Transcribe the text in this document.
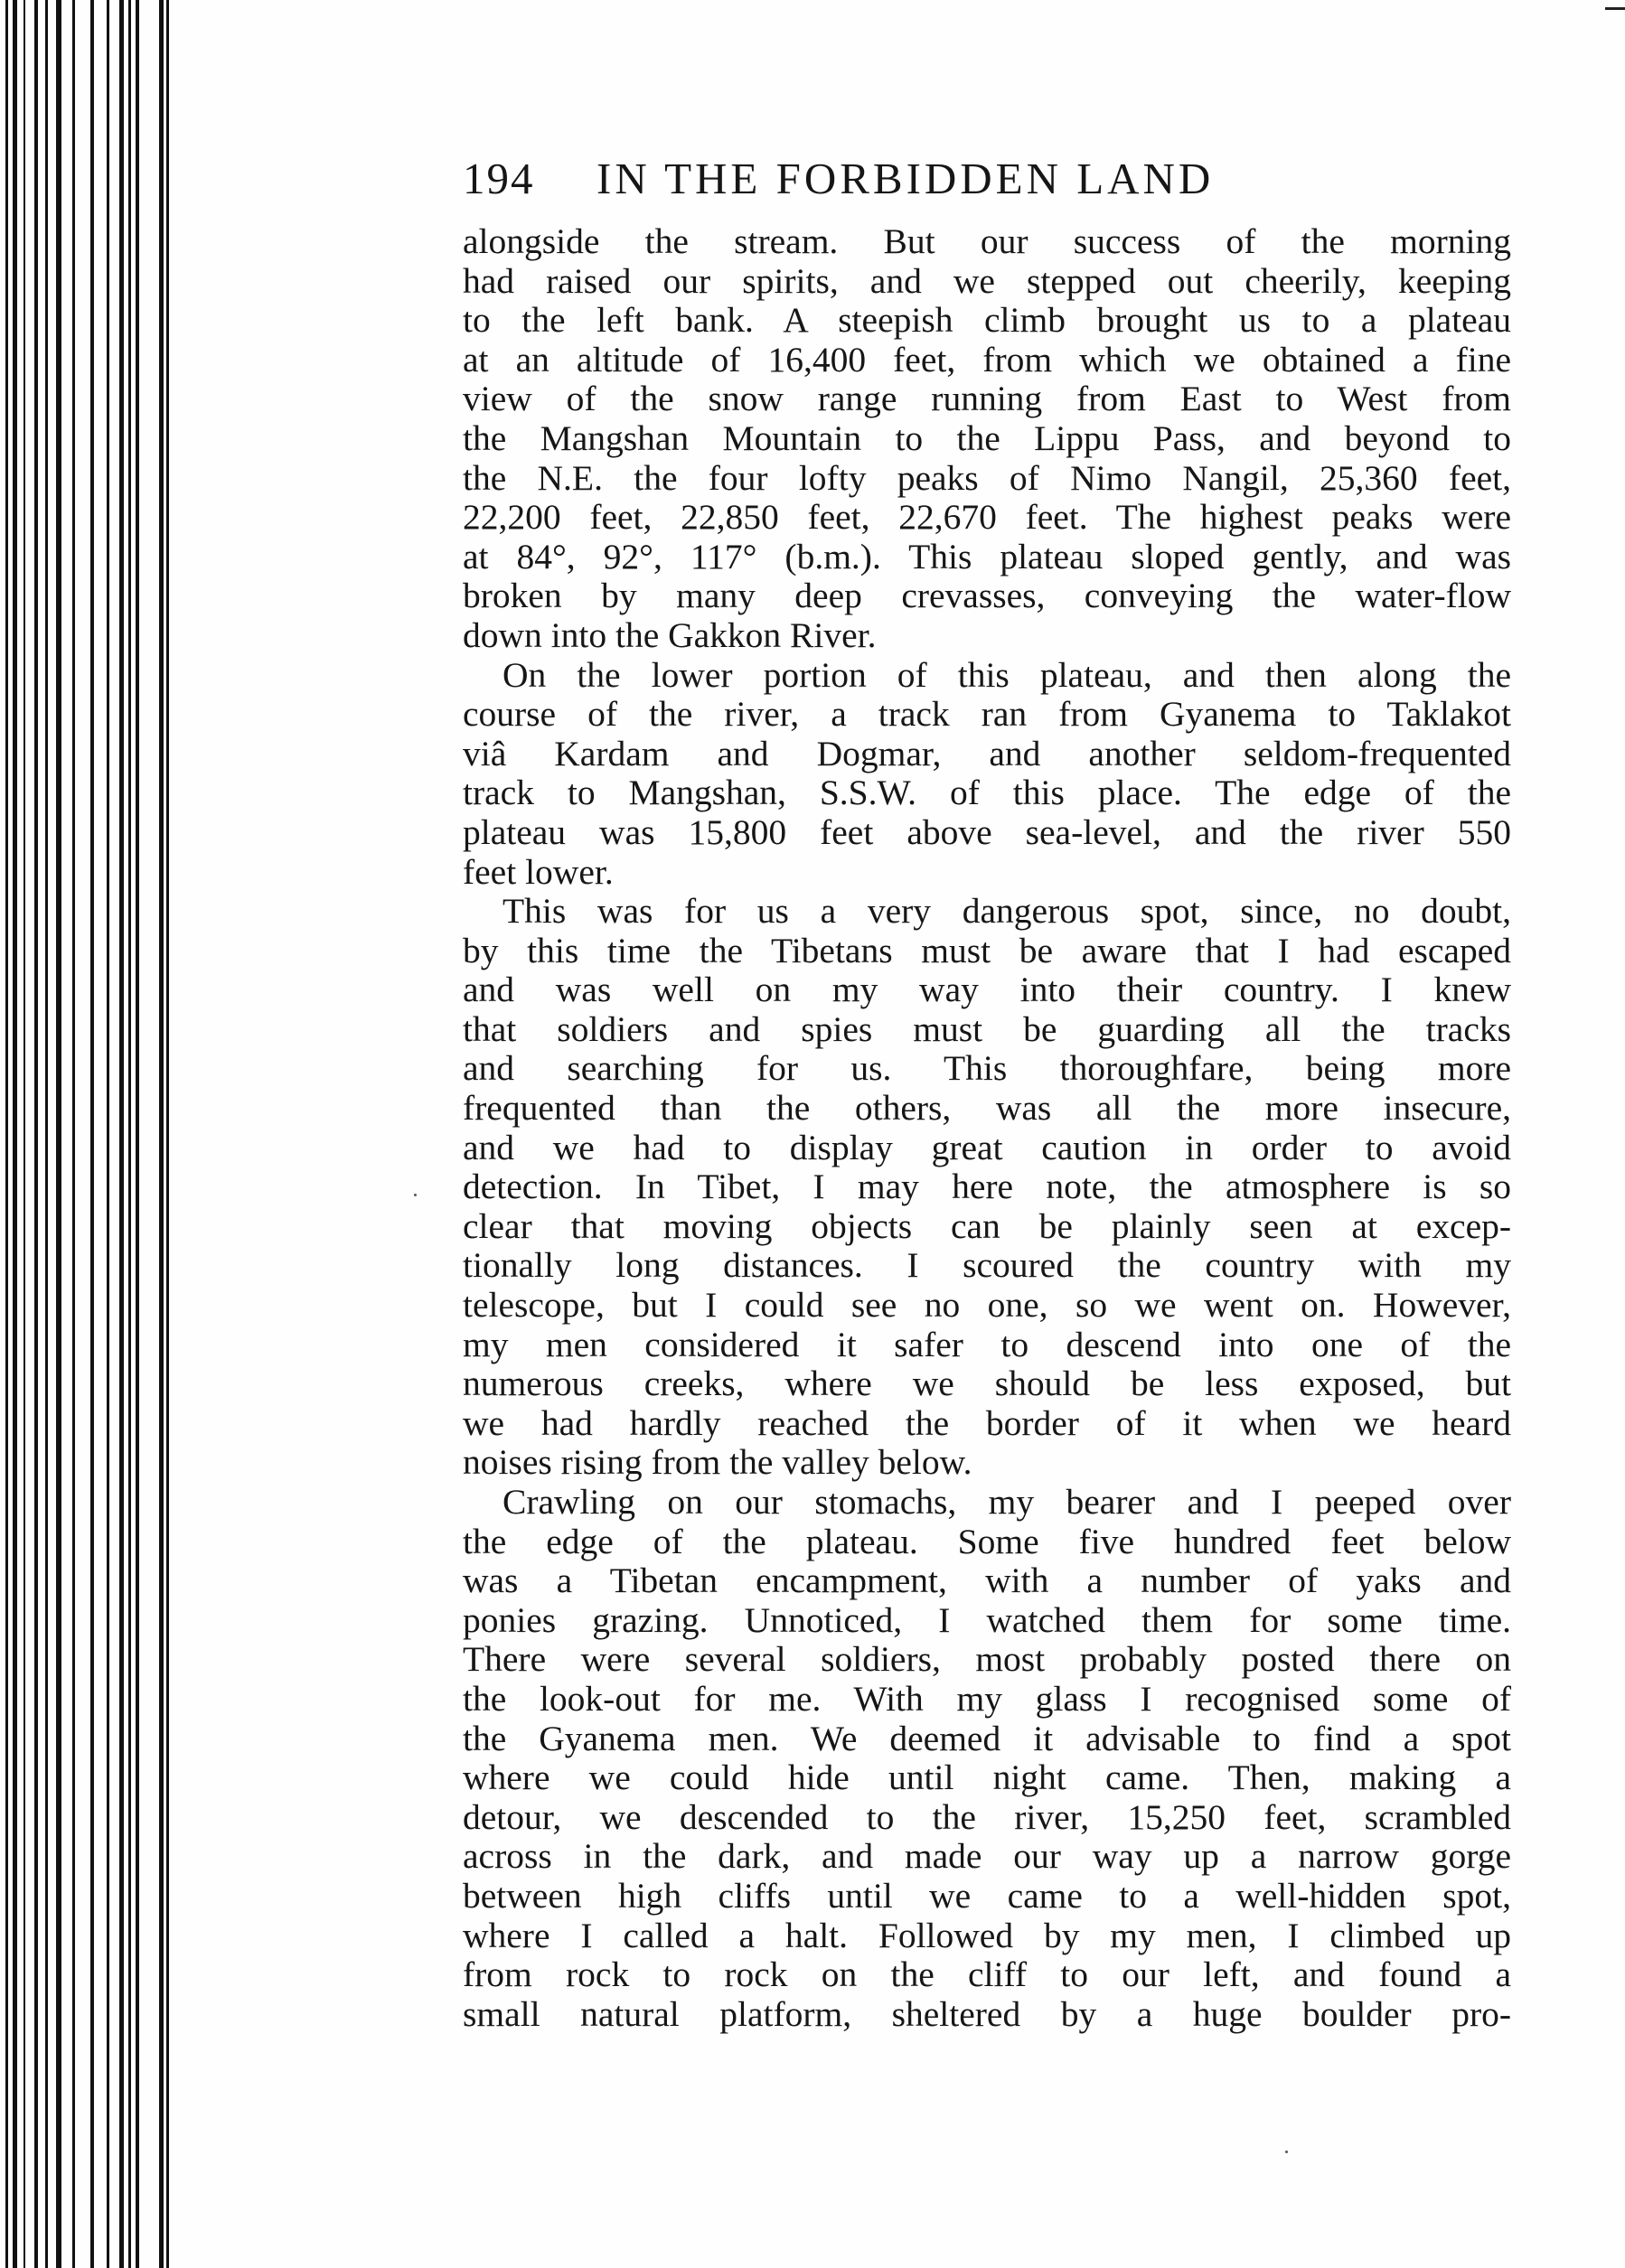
194 IN THE FORBIDDEN LAND
alongside the stream. But our success of the morning
had raised our spirits, and we stepped out cheerily, keeping
to the left bank. A steepish climb brought us to a plateau
at an altitude of 16,400 feet, from which we obtained a fine
view of the snow range running from East to West from
the Mangshan Mountain to the Lippu Pass, and beyond to
the N.E. the four lofty peaks of Nimo Nangil, 25,360 feet,
22,200 feet, 22,850 feet, 22,670 feet. The highest peaks were
at 84°, 92°, 117° (b.m.). This plateau sloped gently, and was
broken by many deep crevasses, conveying the water-flow
down into the Gakkon River.
On the lower portion of this plateau, and then along the
course of the river, a track ran from Gyanema to Taklakot
viâ Kardam and Dogmar, and another seldom-frequented
track to Mangshan, S.S.W. of this place. The edge of the
plateau was 15,800 feet above sea-level, and the river 550
feet lower.
This was for us a very dangerous spot, since, no doubt,
by this time the Tibetans must be aware that I had escaped
and was well on my way into their country. I knew
that soldiers and spies must be guarding all the tracks
and searching for us. This thoroughfare, being more
frequented than the others, was all the more insecure,
and we had to display great caution in order to avoid
detection. In Tibet, I may here note, the atmosphere is so
clear that moving objects can be plainly seen at excep-
tionally long distances. I scoured the country with my
telescope, but I could see no one, so we went on. However,
my men considered it safer to descend into one of the
numerous creeks, where we should be less exposed, but
we had hardly reached the border of it when we heard
noises rising from the valley below.
Crawling on our stomachs, my bearer and I peeped over
the edge of the plateau. Some five hundred feet below
was a Tibetan encampment, with a number of yaks and
ponies grazing. Unnoticed, I watched them for some time.
There were several soldiers, most probably posted there on
the look-out for me. With my glass I recognised some of
the Gyanema men. We deemed it advisable to find a spot
where we could hide until night came. Then, making a
detour, we descended to the river, 15,250 feet, scrambled
across in the dark, and made our way up a narrow gorge
between high cliffs until we came to a well-hidden spot,
where I called a halt. Followed by my men, I climbed up
from rock to rock on the cliff to our left, and found a
small natural platform, sheltered by a huge boulder pro-
